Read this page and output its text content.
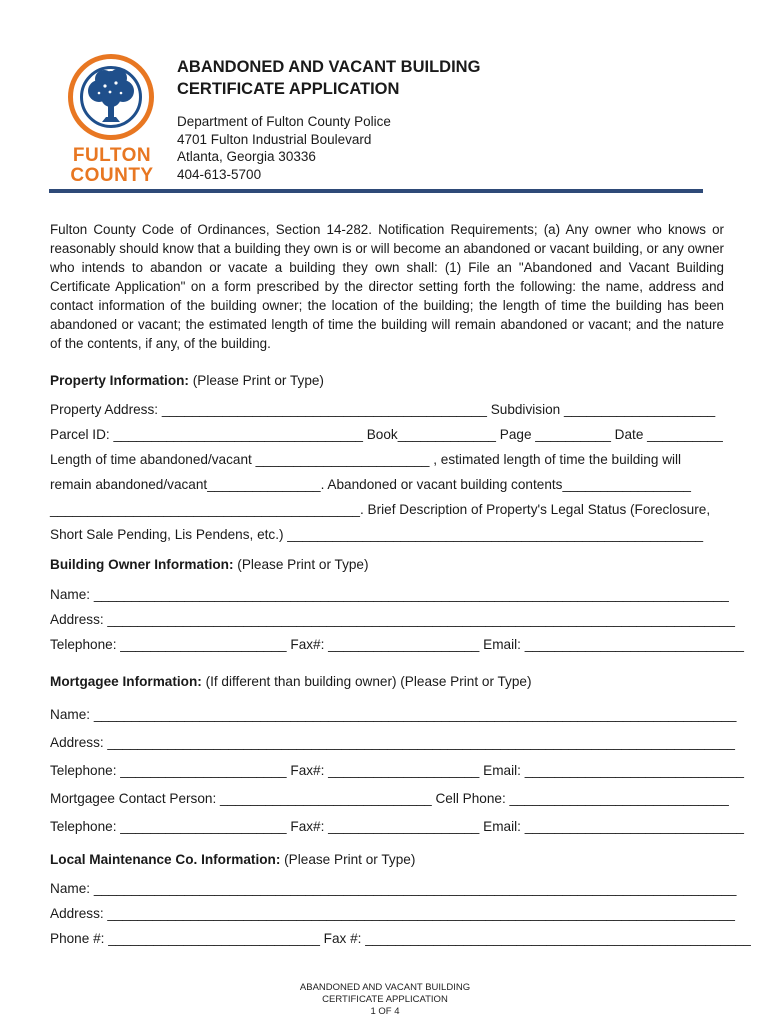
FULTON
COUNTY
ABANDONED AND VACANT BUILDING
CERTIFICATE APPLICATION
Department of Fulton County Police
4701 Fulton Industrial Boulevard
Atlanta, Georgia 30336
404-613-5700
Fulton County Code of Ordinances, Section 14-282. Notification Requirements; (a) Any owner who knows or reasonably should know that a building they own is or will become an abandoned or vacant building, or any owner who intends to abandon or vacate a building they own shall: (1) File an "Abandoned and Vacant Building Certificate Application" on a form prescribed by the director setting forth the following: the name, address and contact information of the building owner; the location of the building; the length of time the building has been abandoned or vacant; the estimated length of time the building will remain abandoned or vacant; and the nature of the contents, if any, of the building.
Property Information: (Please Print or Type)
Property Address: ___________________________________________ Subdivision ____________________
Parcel ID: _________________________________ Book_____________ Page __________ Date __________
Length of time abandoned/vacant _______________________ , estimated length of time the building will
remain abandoned/vacant_______________. Abandoned or vacant building contents_________________
_________________________________________. Brief Description of Property's Legal Status (Foreclosure,
Short Sale Pending, Lis Pendens, etc.) _______________________________________________________
Building Owner Information: (Please Print or Type)
Name: ____________________________________________________________________________________
Address: ___________________________________________________________________________________
Telephone: ______________________ Fax#: ____________________ Email: _____________________________
Mortgagee Information: (If different than building owner) (Please Print or Type)
Name: _____________________________________________________________________________________
Address: ___________________________________________________________________________________
Telephone: ______________________ Fax#: ____________________ Email: _____________________________
Mortgagee Contact Person: ____________________________ Cell Phone: _____________________________
Telephone: ______________________ Fax#: ____________________ Email: _____________________________
Local Maintenance Co. Information: (Please Print or Type)
Name: _____________________________________________________________________________________
Address: ___________________________________________________________________________________
Phone #: ____________________________ Fax #: ___________________________________________________
ABANDONED AND VACANT BUILDING
CERTIFICATE APPLICATION
1 OF 4
